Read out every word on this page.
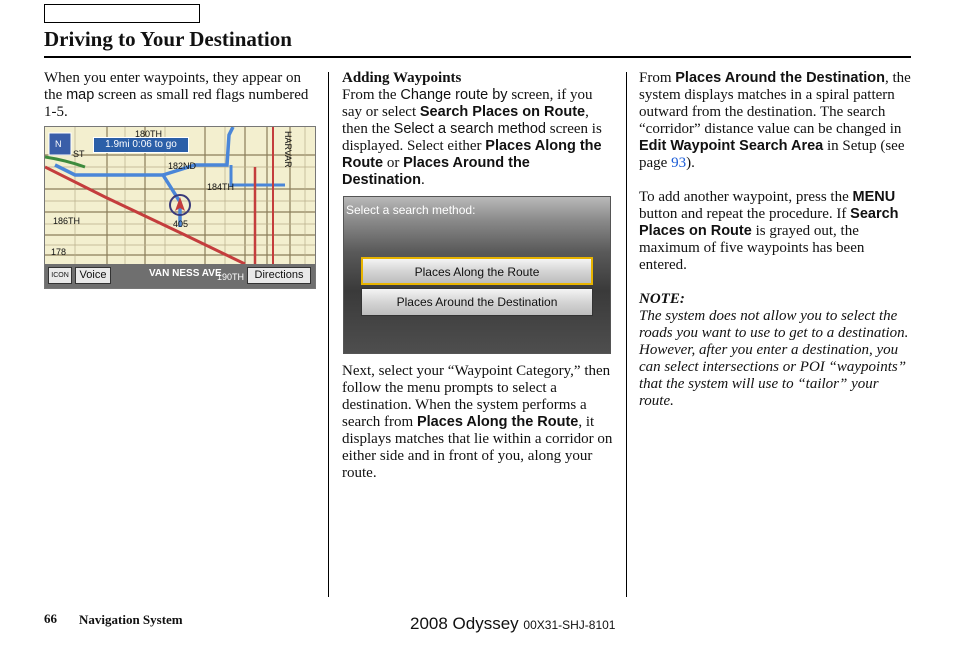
Driving to Your Destination

When you enter waypoints, they appear on the map screen as small red flags numbered 1-5.

N	1.9mi 0:06 to go
180TH
ST
182ND
184TH
186TH
178
HARVAR
405
ICON Voice	VAN NESS AVE
190TH Directions

Adding Waypoints

From the Change route by screen, if you say or select Search Places on Route, then the Select a search method screen is displayed. Select either Places Along the Route or Places Around the Destination.

Select a search method:
Places Along the Route
Places Around the Destination

Next, select your “Waypoint Category,” then follow the menu prompts to select a destination. When the system performs a search from Places Along the Route, it displays matches that lie within a corridor on either side and in front of you, along your route.

From Places Around the Destination, the system displays matches in a spiral pattern outward from the destination. The search “corridor” distance value can be changed in Edit Waypoint Search Area in Setup (see page 93).

To add another waypoint, press the MENU button and repeat the procedure. If Search Places on Route is grayed out, the maximum of five waypoints has been entered.

NOTE:

The system does not allow you to select the roads you want to use to get to a destination. However, after you enter a destination, you can select intersections or POI “waypoints” that the system will use to “tailor” your route.

66 Navigation System	2008 Odyssey 00X31-SHJ-8101
